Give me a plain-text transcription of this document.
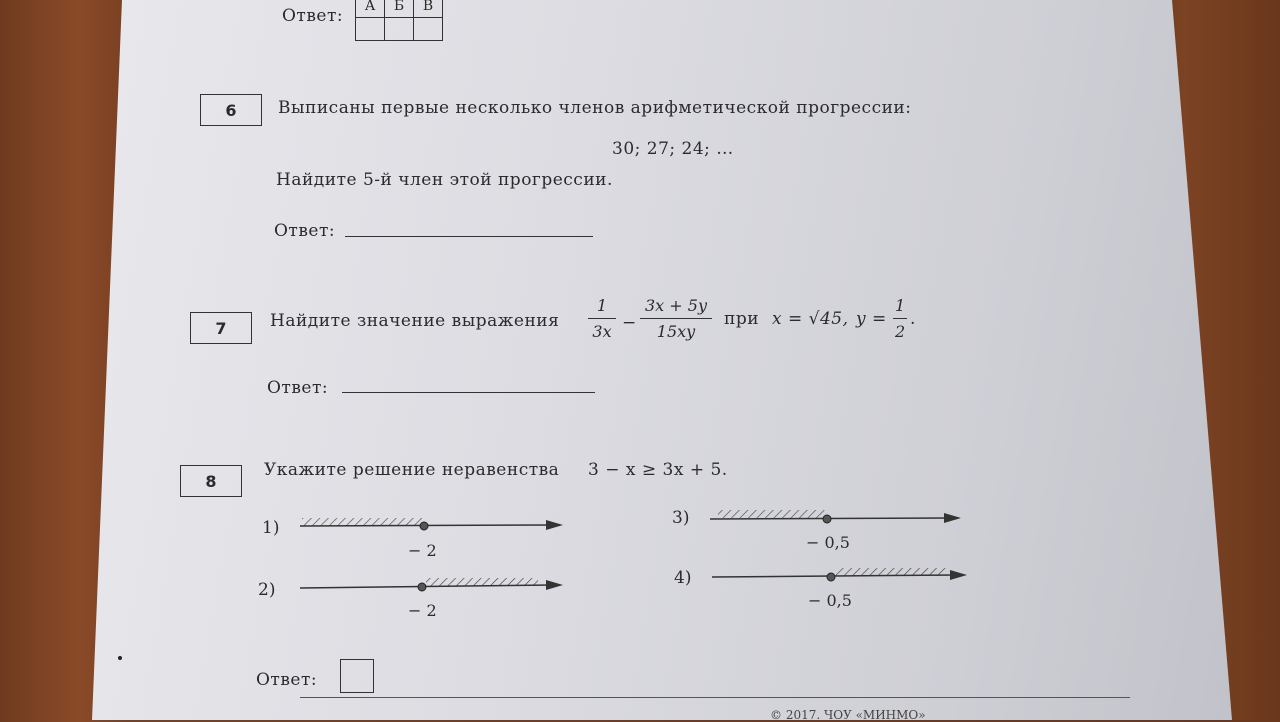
Ответ: А	Б	В

6	Выписаны первые несколько членов арифметической прогрессии:
30; 27; 24; …
Найдите 5-й член этой прогрессии.
Ответ:
7	Найдите значение выражения
1
3x −
3x + 5y
15xy
при x = √45, y =
1
2
.
Ответ:
8
Укажите решение неравенства 3 − x ≥ 3x + 5.
1)
− 2
2)
− 2
3)
− 0,5
4)
− 0,5
Ответ:
© 2017. ЧОУ «МИНМО»
